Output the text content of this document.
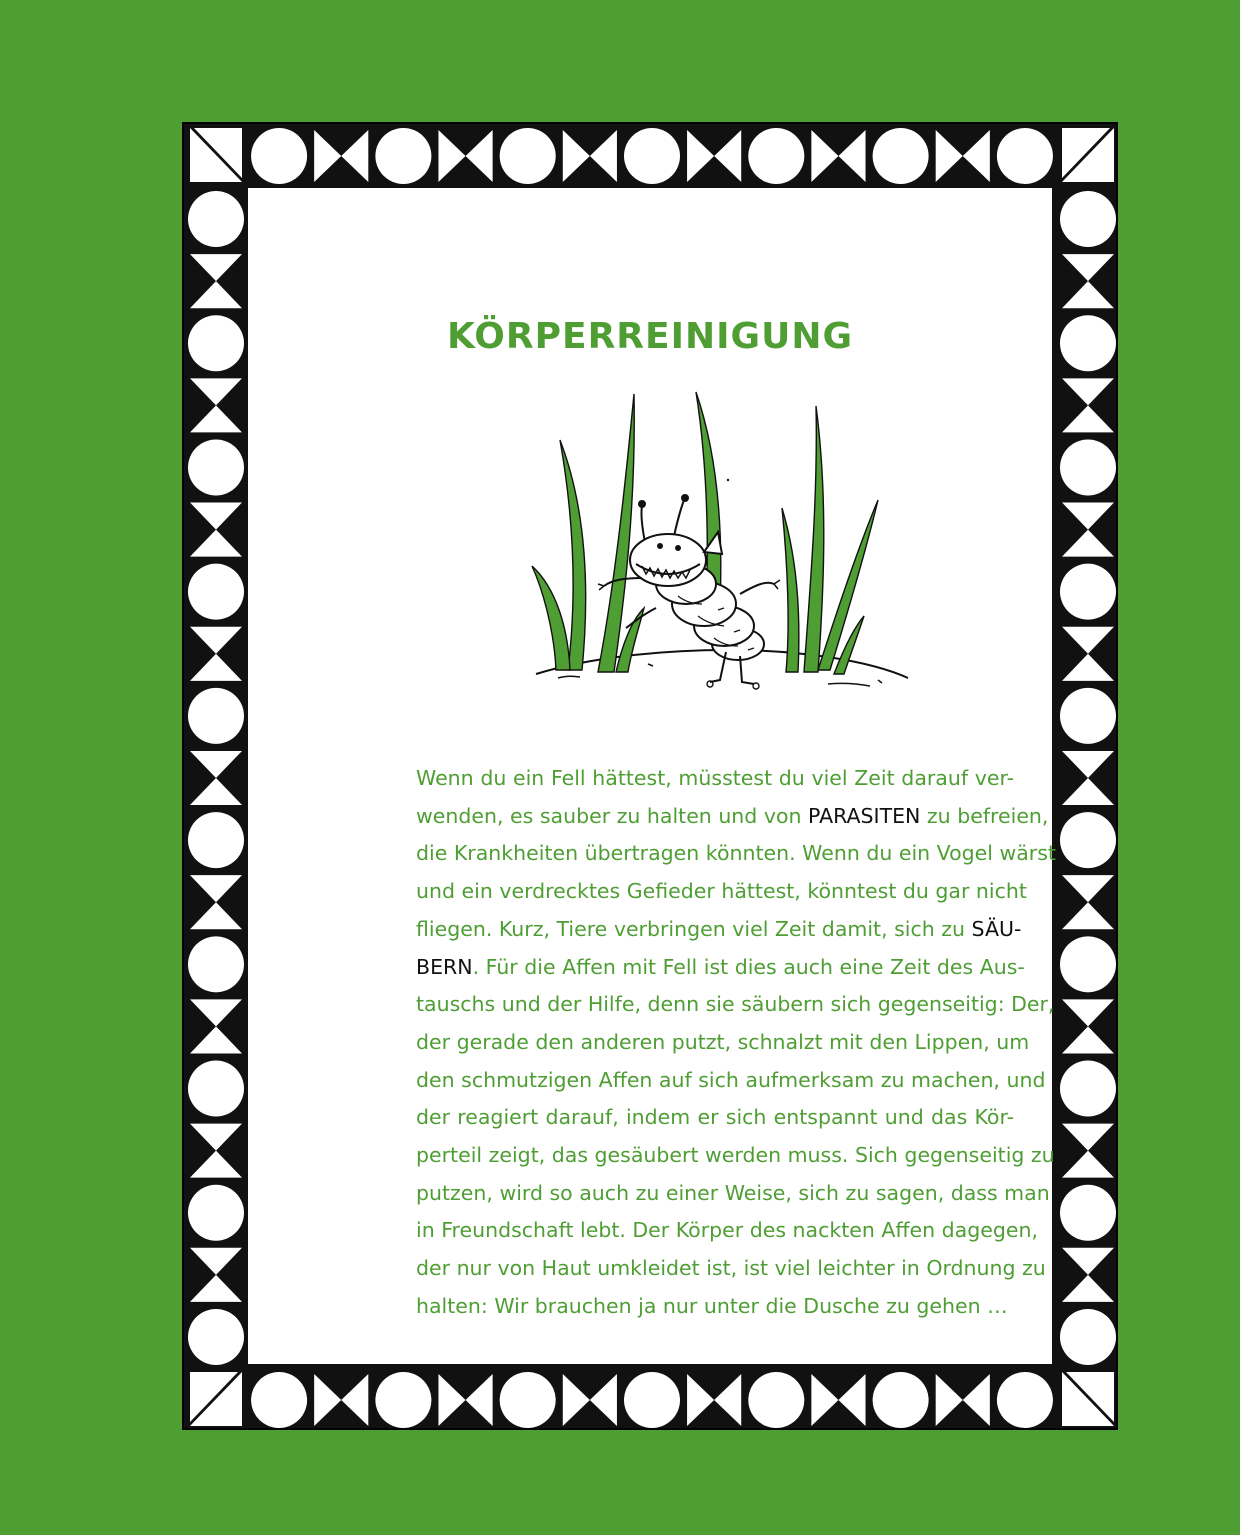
KÖRPERREINIGUNG
Wenn du ein Fell hättest, müsstest du viel Zeit darauf ver-
wenden, es sauber zu halten und von PARASITEN zu befreien,
die Krankheiten übertragen könnten. Wenn du ein Vogel wärst
und ein verdrecktes Gefieder hättest, könntest du gar nicht
fliegen. Kurz, Tiere verbringen viel Zeit damit, sich zu SÄU-
BERN. Für die Affen mit Fell ist dies auch eine Zeit des Aus-
tauschs und der Hilfe, denn sie säubern sich gegenseitig: Der,
der gerade den anderen putzt, schnalzt mit den Lippen, um
den schmutzigen Affen auf sich aufmerksam zu machen, und
der reagiert darauf, indem er sich entspannt und das Kör-
perteil zeigt, das gesäubert werden muss. Sich gegenseitig zu
putzen, wird so auch zu einer Weise, sich zu sagen, dass man
in Freundschaft lebt. Der Körper des nackten Affen dagegen,
der nur von Haut umkleidet ist, ist viel leichter in Ordnung zu
halten: Wir brauchen ja nur unter die Dusche zu gehen …
